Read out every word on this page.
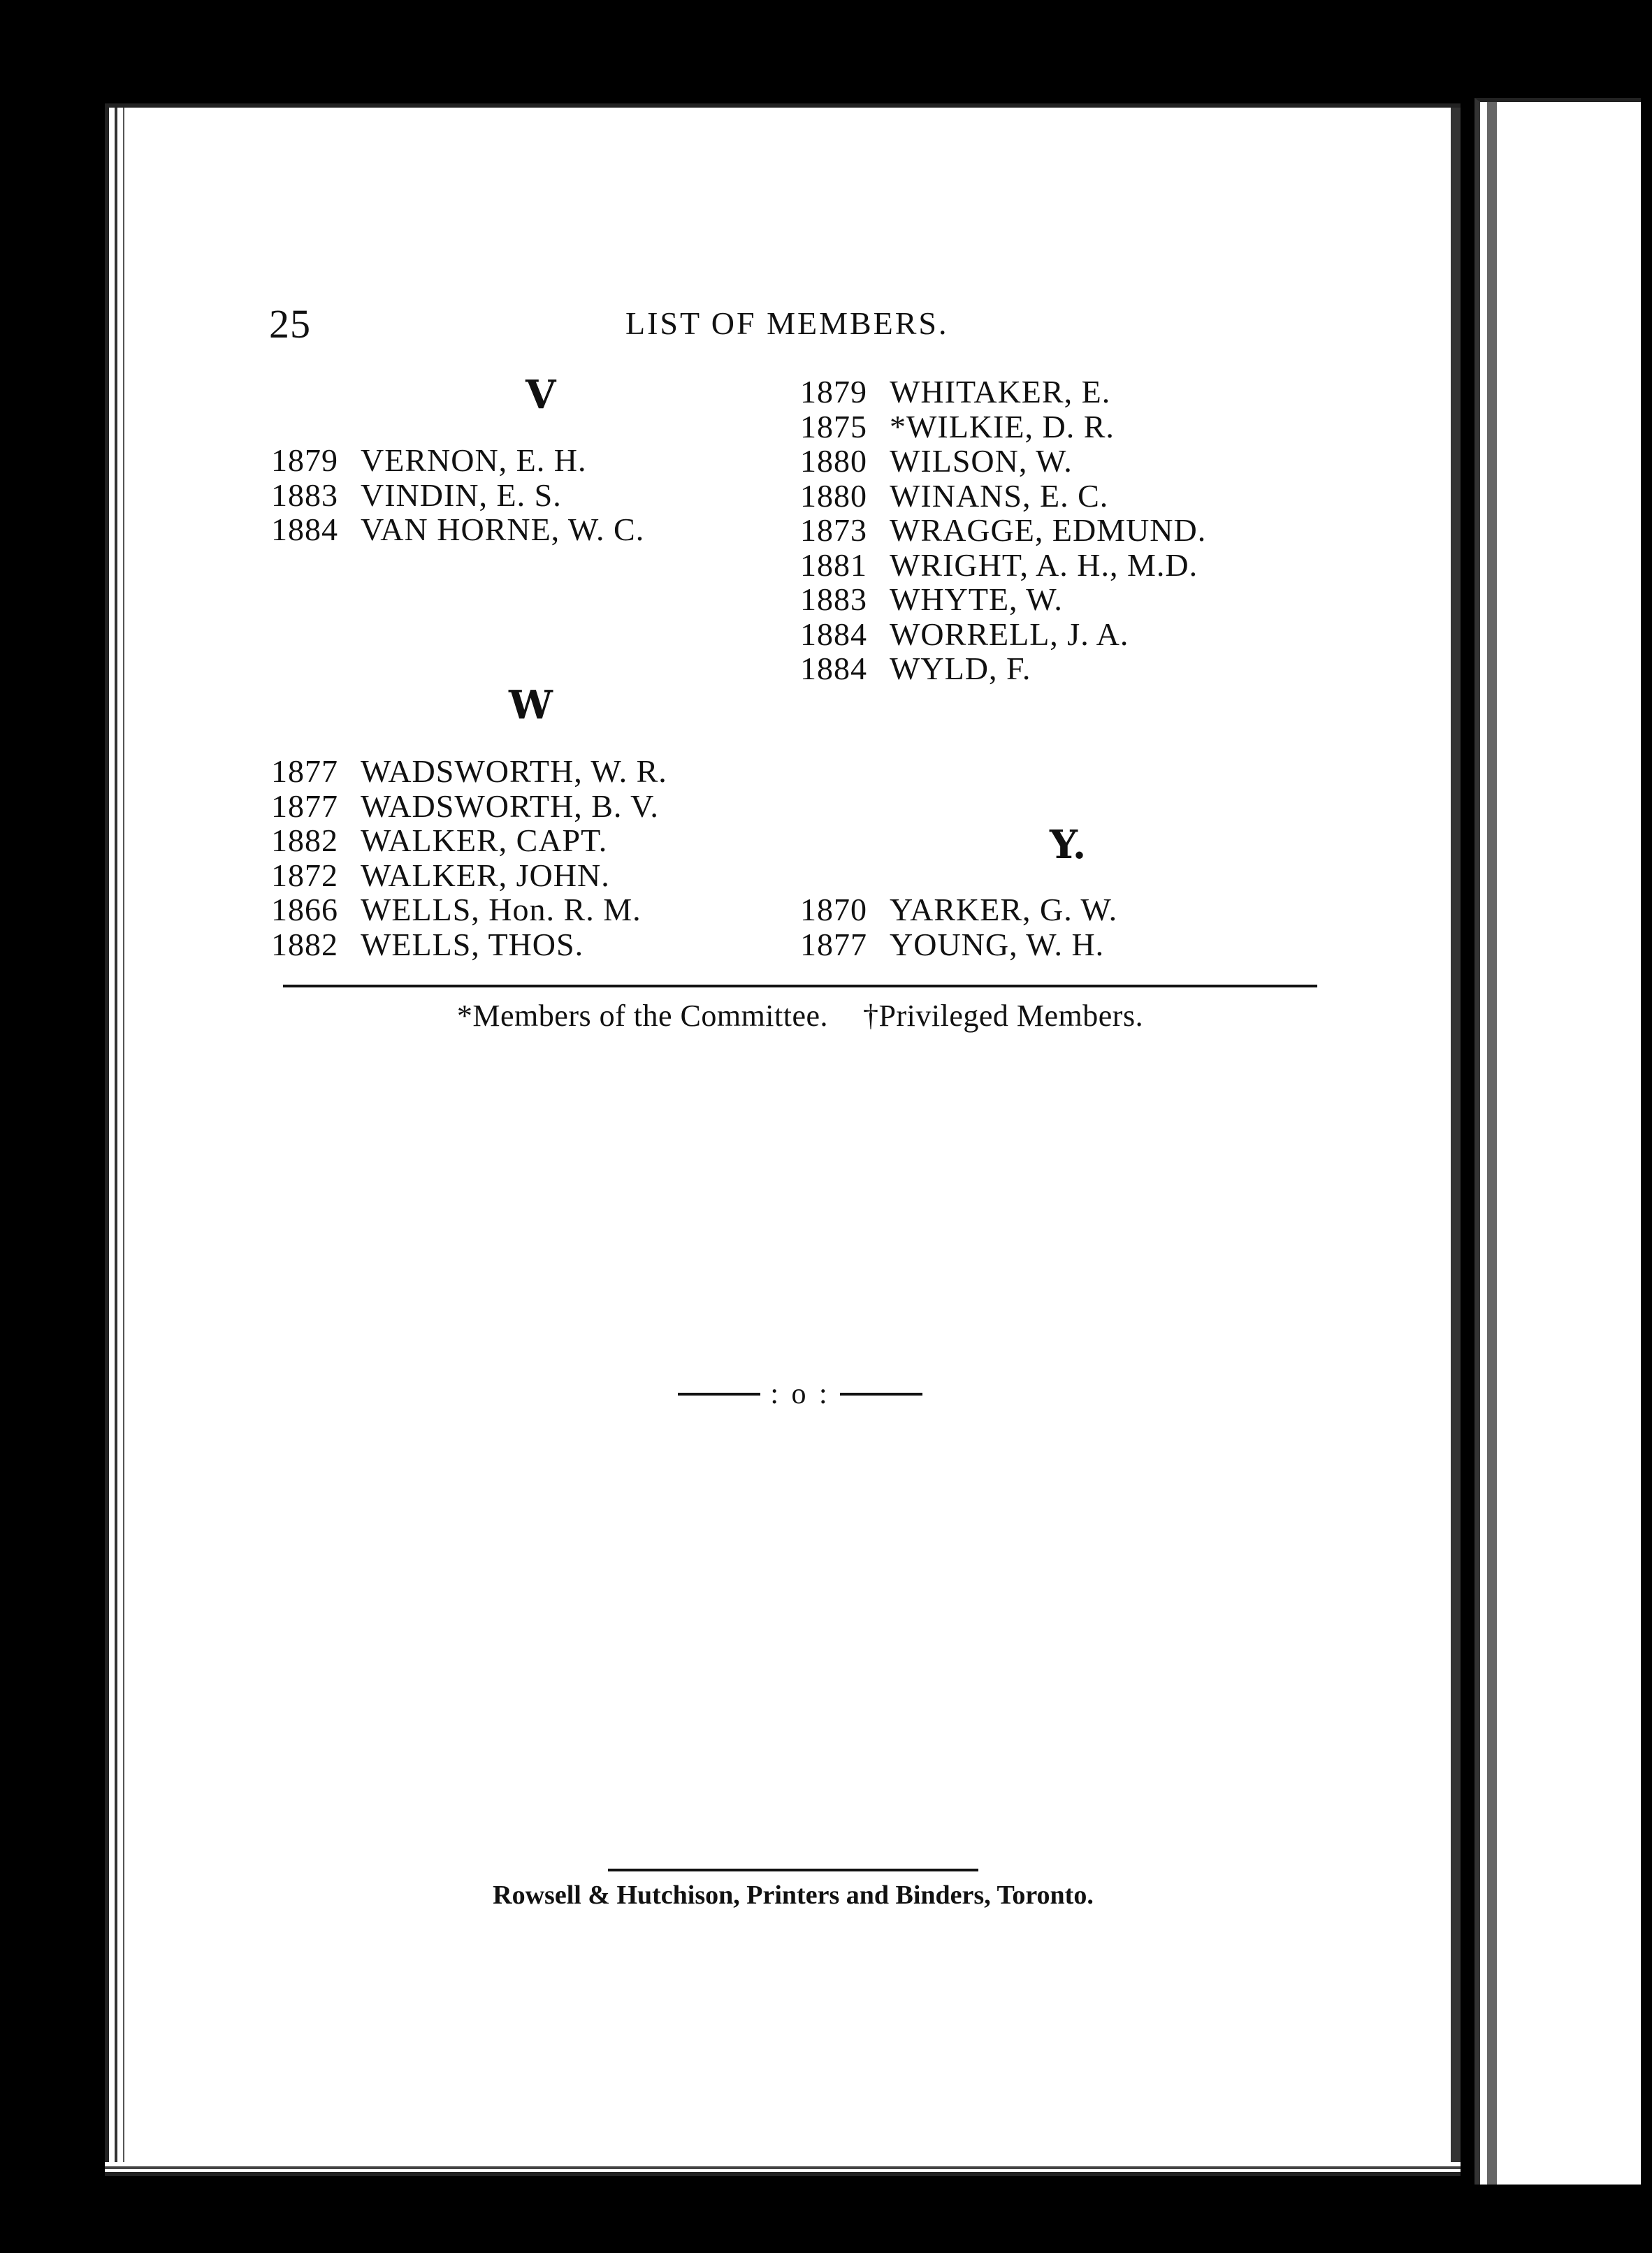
25	LIST OF MEMBERS.
V
1879 VERNON, E. H.
1883 VINDIN, E. S.
1884 VAN HORNE, W. C.
W
1877 WADSWORTH, W. R.
1877 WADSWORTH, B. V.
1882 WALKER, CAPT.
1872 WALKER, JOHN.
1866 WELLS, Hon. R. M.
1882 WELLS, THOS.
1879 WHITAKER, E.
1875 *WILKIE, D. R.
1880 WILSON, W.
1880 WINANS, E. C.
1873 WRAGGE, EDMUND.
1881 WRIGHT, A. H., M.D.
1883 WHYTE, W.
1884 WORRELL, J. A.
1884 WYLD, F.
Y.
1870 YARKER, G. W.
1877 YOUNG, W. H.
*Members of the Committee. †Privileged Members.
: o :
Rowsell & Hutchison, Printers and Binders, Toronto.
